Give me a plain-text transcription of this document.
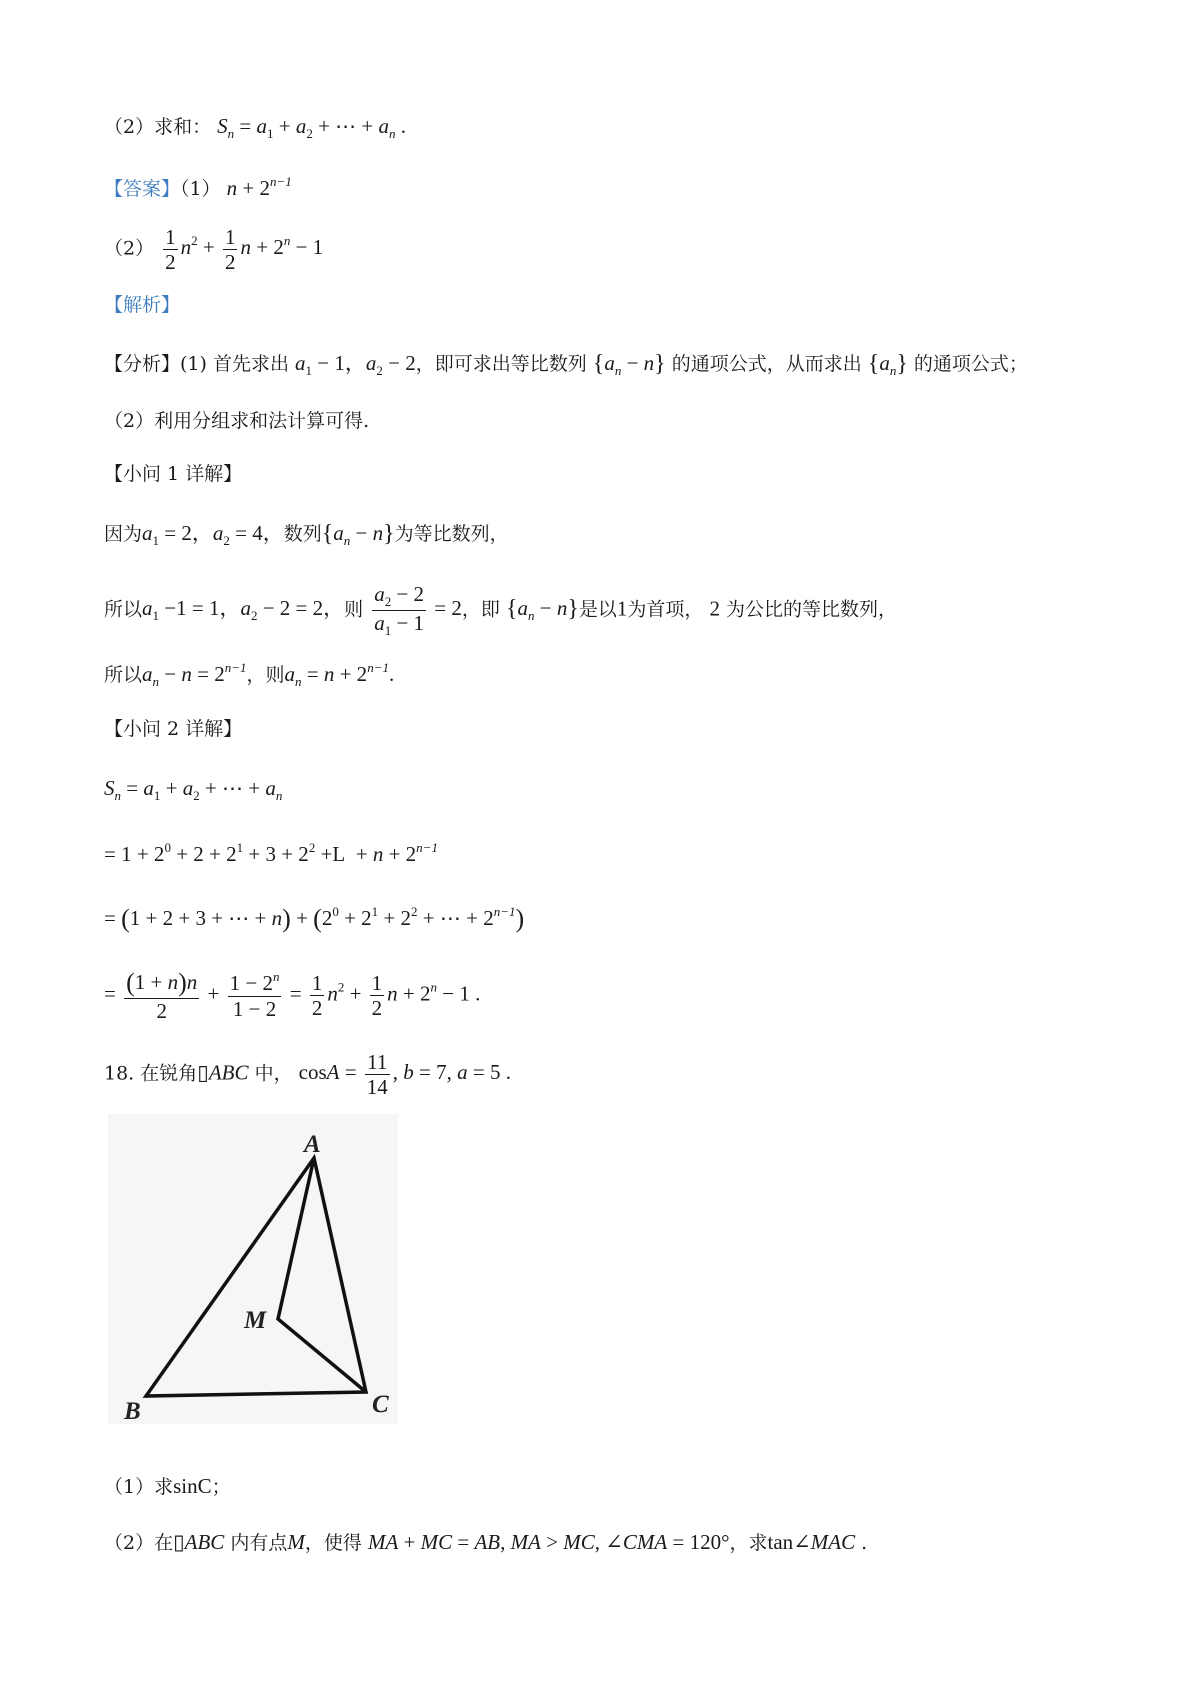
（2）求和： $S_n = a_1 + a_2$ + ⋯ + $a_n$ .
【答案】（1） $n + 2^{n-1}$
$(2) \frac{1}{2} n^2 + \frac{1}{2}$ $n + 2^n - 1$
【解析】
【分析】(1) 首先求出 $a_1 - 1$，$a_2 - 2$，即可求出等比数列 $\{a_n - n\}$ 的通项公式，从而求出 $\{a_n\}$ 的通项公式；
（2）利用分组求和法计算可得.
【小问 1 详解】
因为$a_1 = 2$，$a_2 = 4$，数列$\{a_n - n\}$为等比数列，
所以$a_1 -1 = 1$，$a_2 - 2 = 2$，则 $\frac{a_2 - 2}{a_1 - 1} = 2$，即 $\{a_n - n\}$是以1为首项， 2 为公比的等比数列，
所以$a_n - n = 2^{n-1}$，则$a_n = n + 2^{n-1}$.
【小问 2 详解】
$S_n = a_1 + a_2$ + ⋯ + $a_n$
= $1 + 2^0 + 2 + 2^1 + 3 + 2^2 +L + n + 2^{n-1}$
= (1 + 2 + 3 + ⋯ + $n) + (2^0 + 2^1 + 2^2$ + ⋯ + $2^{n-1}$)
= $\frac{(1 + n)n}{2} + \frac{1 - 2^n}{1 - 2} = \frac{1}{2} n^2 + \frac{1}{2}$ $n + 2^n - 1$ .
18. 在锐角▯ABC 中， $\cos A = \frac{11}{14}$ , b = 7, a = 5 .
A
B	C
M
（1）求sinC；
（2）在▯ABC 内有点M，使得 MA + MC = AB, MA > MC, ∠CMA = 120°，求tan∠MAC .
